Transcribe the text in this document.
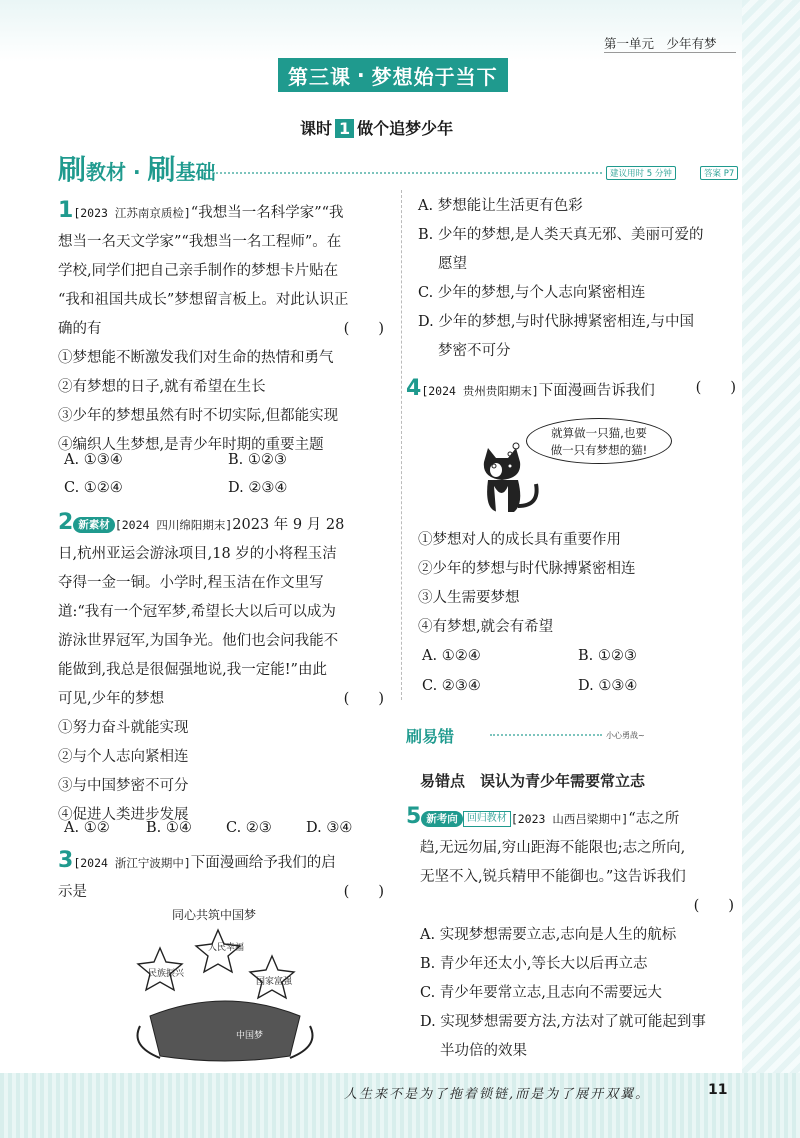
第一单元　少年有梦
第三课 · 梦想始于当下
课时 1 做个追梦少年
刷教材 · 刷基础	建议用时 5 分钟	答案 P7
1[2023 江苏南京质检]“我想当一名科学家”“我
想当一名天文学家”“我想当一名工程师”。在
学校,同学们把自己亲手制作的梦想卡片贴在
“我和祖国共成长”梦想留言板上。对此认识正
确的有	(　　)
①梦想能不断激发我们对生命的热情和勇气
②有梦想的日子,就有希望在生长
③少年的梦想虽然有时不切实际,但都能实现
④编织人生梦想,是青少年时期的重要主题
A. ①③④	B. ①②③
C. ①②④	D. ②③④
2 新素材 [2024 四川绵阳期末]2023 年 9 月 28
日,杭州亚运会游泳项目,18 岁的小将程玉洁
夺得一金一铜。小学时,程玉洁在作文里写
道:“我有一个冠军梦,希望长大以后可以成为
游泳世界冠军,为国争光。他们也会问我能不
能做到,我总是很倔强地说,我一定能!”由此
可见,少年的梦想	(　　)
①努力奋斗就能实现
②与个人志向紧相连
③与中国梦密不可分
④促进人类进步发展
A. ①②	B. ①④ C. ②③ D. ③④
3[2024 浙江宁波期中]下面漫画给予我们的启
示是	(　　)
同心共筑中国梦
人民幸福
民族振兴
国家富强
中国梦
A. 梦想能让生活更有色彩
B. 少年的梦想,是人类天真无邪、美丽可爱的
愿望
C. 少年的梦想,与个人志向紧密相连
D. 少年的梦想,与时代脉搏紧密相连,与中国
梦密不可分
4[2024 贵州贵阳期末]下面漫画告诉我们	(　　)
就算做一只猫,也要
做一只有梦想的猫!
①梦想对人的成长具有重要作用
②少年的梦想与时代脉搏紧密相连
③人生需要梦想
④有梦想,就会有希望
A. ①②④	B. ①②③
C. ②③④	D. ①③④
刷易错	小心勇战~
易错点　误认为青少年需要常立志
5 新考向 回归教材 [2023 山西吕梁期中]“志之所
趋,无远勿届,穷山距海不能限也;志之所向,
无坚不入,锐兵精甲不能御也。”这告诉我们
(　　)
A. 实现梦想需要立志,志向是人生的航标
B. 青少年还太小,等长大以后再立志
C. 青少年要常立志,且志向不需要远大
D. 实现梦想需要方法,方法对了就可能起到事
半功倍的效果
人生来不是为了拖着锁链,而是为了展开双翼。	11
